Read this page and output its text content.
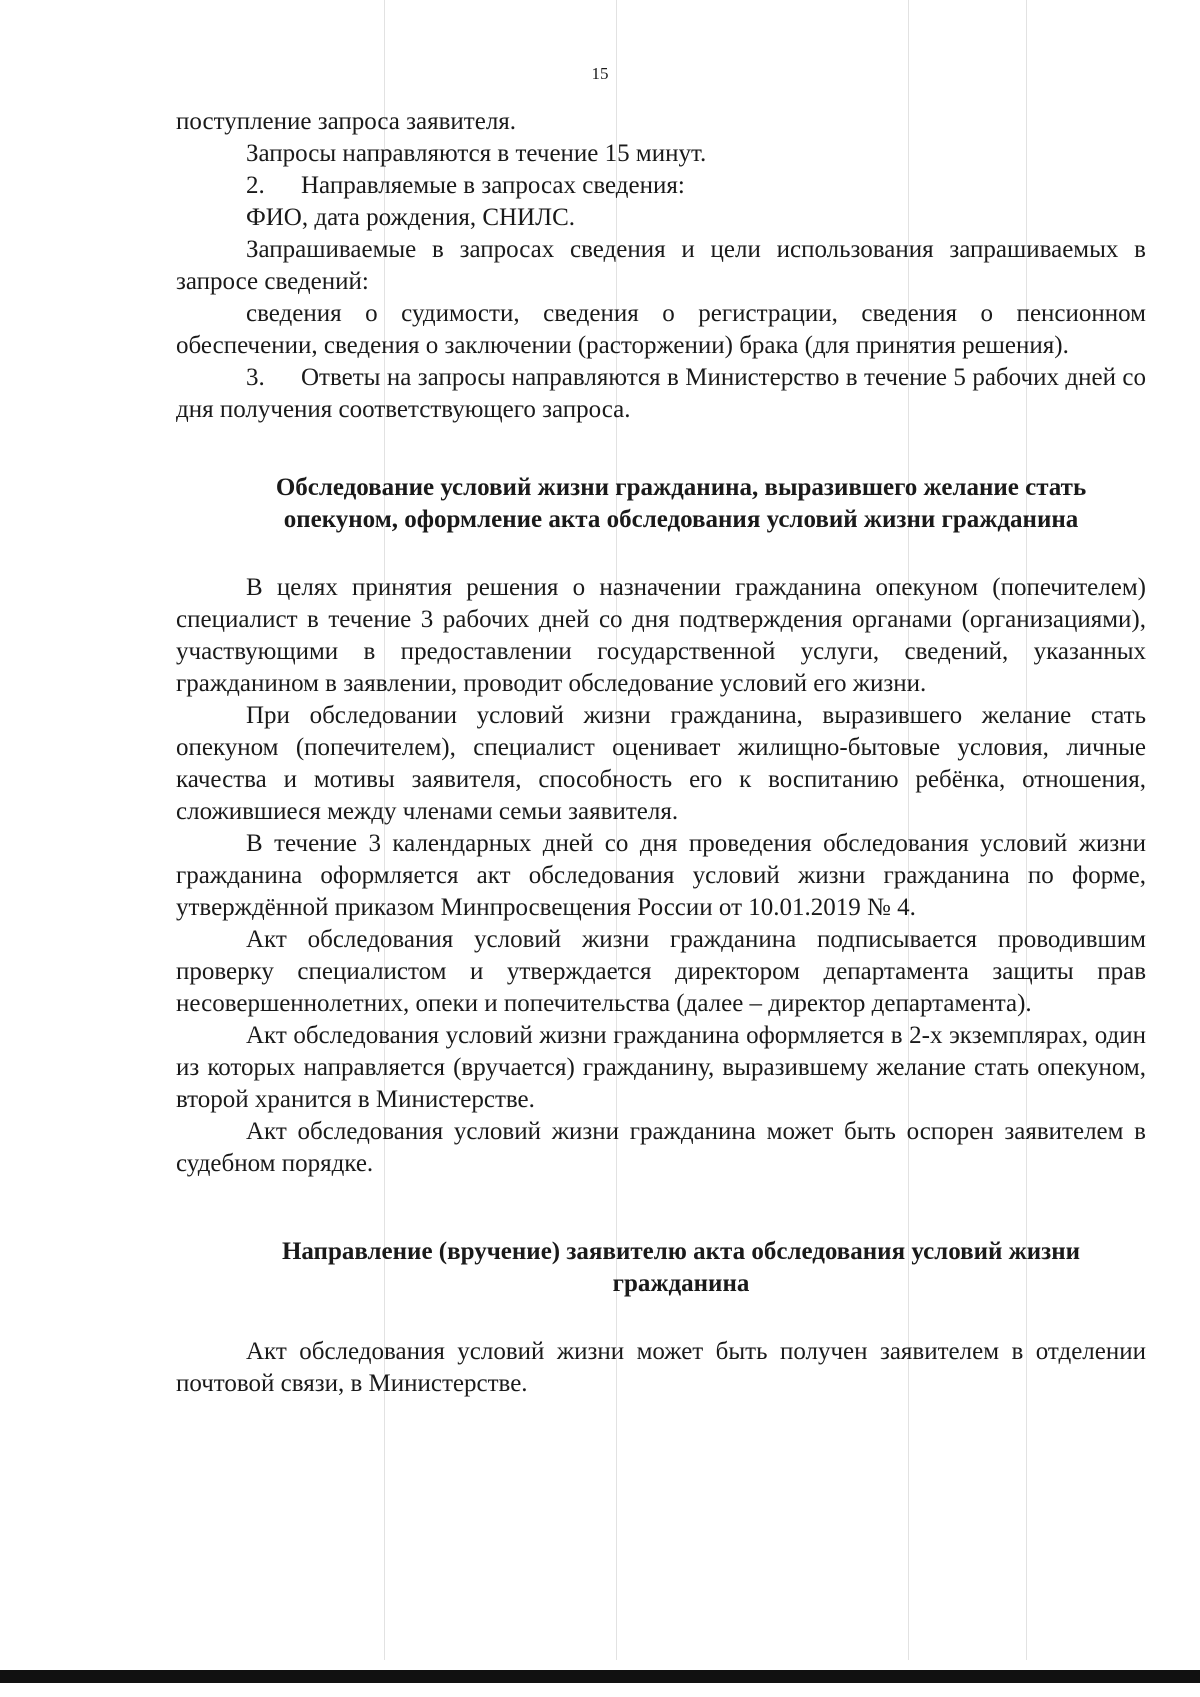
15

поступление запроса заявителя.

Запросы направляются в течение 15 минут.

2. Направляемые в запросах сведения:

ФИО, дата рождения, СНИЛС.

Запрашиваемые в запросах сведения и цели использования запрашиваемых в запросе сведений:

сведения о судимости, сведения о регистрации, сведения о пенсионном обеспечении, сведения о заключении (расторжении) брака (для принятия решения).

3. Ответы на запросы направляются в Министерство в течение 5 рабочих дней со дня получения соответствующего запроса.

Обследование условий жизни гражданина, выразившего желание стать опекуном, оформление акта обследования условий жизни гражданина

В целях принятия решения о назначении гражданина опекуном (попечителем) специалист в течение 3 рабочих дней со дня подтверждения органами (организациями), участвующими в предоставлении государственной услуги, сведений, указанных гражданином в заявлении, проводит обследование условий его жизни.

При обследовании условий жизни гражданина, выразившего желание стать опекуном (попечителем), специалист оценивает жилищно-бытовые условия, личные качества и мотивы заявителя, способность его к воспитанию ребёнка, отношения, сложившиеся между членами семьи заявителя.

В течение 3 календарных дней со дня проведения обследования условий жизни гражданина оформляется акт обследования условий жизни гражданина по форме, утверждённой приказом Минпросвещения России от 10.01.2019 № 4.

Акт обследования условий жизни гражданина подписывается проводившим проверку специалистом и утверждается директором департамента защиты прав несовершеннолетних, опеки и попечительства (далее – директор департамента).

Акт обследования условий жизни гражданина оформляется в 2-х экземплярах, один из которых направляется (вручается) гражданину, выразившему желание стать опекуном, второй хранится в Министерстве.

Акт обследования условий жизни гражданина может быть оспорен заявителем в судебном порядке.

Направление (вручение) заявителю акта обследования условий жизни гражданина

Акт обследования условий жизни может быть получен заявителем в отделении почтовой связи, в Министерстве.
